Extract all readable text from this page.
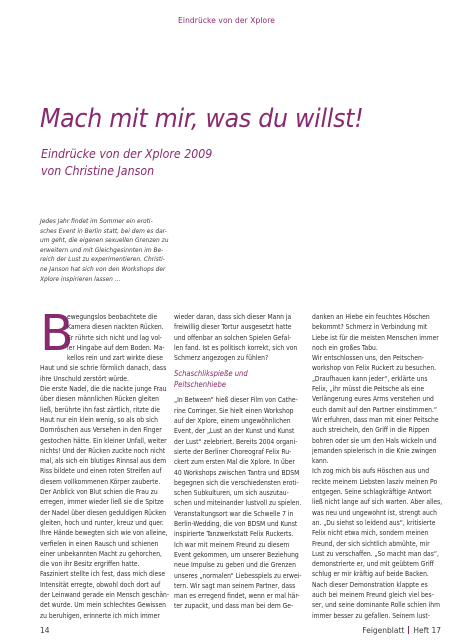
Eindrücke von der Xplore
Mach mit mir, was du willst!
Eindrücke von der Xplore 2009
von Christine Janson
Jedes Jahr findet im Sommer ein eroti-
sches Event in Berlin statt, bei dem es dar-
um geht, die eigenen sexuellen Grenzen zu
erweitern und mit Gleichgesinnten im Be-
reich der Lust zu experimentieren. Christi-
ne Janson hat sich von den Workshops der
Xplore inspirieren lassen ...
B
ewegungslos beobachtete die
Kamera diesen nackten Rücken.
Er rührte sich nicht und lag vol-
ler Hingabe auf dem Boden. Ma-
kellos rein und zart wirkte diese
Haut und sie schrie förmlich danach, dass
ihre Unschuld zerstört würde.
Die erste Nadel, die die nackte junge Frau
über diesen männlichen Rücken gleiten
ließ, berührte ihn fast zärtlich, ritzte die
Haut nur ein klein wenig, so als ob sich
Dornröschen aus Versehen in den Finger
gestochen hätte. Ein kleiner Unfall, weiter
nichts! Und der Rücken zuckte noch nicht
mal, als sich ein blutiges Rinnsal aus dem
Riss bildete und einen roten Streifen auf
diesem vollkommenen Körper zauberte.
Der Anblick von Blut schien die Frau zu
erregen, immer wieder ließ sie die Spitze
der Nadel über diesen geduldigen Rücken
gleiten, hoch und runter, kreuz und quer.
Ihre Hände bewegten sich wie von alleine,
verfielen in einen Rausch und schienen
einer unbekannten Macht zu gehorchen,
die von ihr Besitz ergriffen hatte.
Fasziniert stellte ich fest, dass mich diese
Intensität erregte, obwohl doch dort auf
der Leinwand gerade ein Mensch geschän-
det wurde. Um mein schlechtes Gewissen
zu beruhigen, erinnerte ich mich immer
wieder daran, dass sich dieser Mann ja
freiwillig dieser Tortur ausgesetzt hatte
und offenbar an solchen Spielen Gefal-
len fand. Ist es politisch korrekt, sich von
Schmerz angezogen zu fühlen?
Schaschlikspieße und
Peitschenhiebe
„In Between“ hieß dieser Film von Cathe-
rine Corringer. Sie hielt einen Workshop
auf der Xplore, einem ungewöhnlichen
Event, der „Lust an der Kunst und Kunst
der Lust“ zelebriert. Bereits 2004 organi-
sierte der Berliner Choreograf Felix Ru-
ckert zum ersten Mal die Xplore. In über
40 Workshops zwischen Tantra und BDSM
begegnen sich die verschiedensten eroti-
schen Subkulturen, um sich auszutau-
schen und miteinander lustvoll zu spielen.
Veranstaltungsort war die Schwelle 7 in
Berlin-Wedding, die von BDSM und Kunst
inspirierte Tanzwerkstatt Felix Ruckerts.
Ich war mit meinem Freund zu diesem
Event gekommen, um unserer Beziehung
neue Impulse zu geben und die Grenzen
unseres „normalen“ Liebesspiels zu erwei-
tern. Wir sagt man seinem Partner, dass
man es erregend findet, wenn er mal här-
ter zupackt, und dass man bei dem Ge-
danken an Hiebe ein feuchtes Höschen
bekommt? Schmerz in Verbindung mit
Liebe ist für die meisten Menschen immer
noch ein großes Tabu.
Wir entschlossen uns, den Peitschen-
workshop von Felix Ruckert zu besuchen.
„Draufhauen kann jeder“, erklärte uns
Felix, „ihr müsst die Peitsche als eine
Verlängerung eures Arms verstehen und
euch damit auf den Partner einstimmen.“
Wir erfuhren, dass man mit einer Peitsche
auch streicheln, den Griff in die Rippen
bohren oder sie um den Hals wickeln und
jemanden spielerisch in die Knie zwingen
kann.
Ich zog mich bis aufs Höschen aus und
reckte meinem Liebsten lasziv meinen Po
entgegen. Seine schlagkräftige Antwort
ließ nicht lange auf sich warten. Aber alles,
was neu und ungewohnt ist, strengt auch
an. „Du siehst so leidend aus“, kritisierte
Felix nicht etwa mich, sondern meinen
Freund, der sich sichtlich abmühte, mir
Lust zu verschaffen. „So macht man das“,
demonstrierte er, und mit geübtem Griff
schlug er mir kräftig auf beide Backen.
Nach dieser Demonstration klappte es
auch bei meinem Freund gleich viel bes-
ser, und seine dominante Rolle schien ihm
immer besser zu gefallen. Seinem lust-
14	Feigenblatt Heft 17
